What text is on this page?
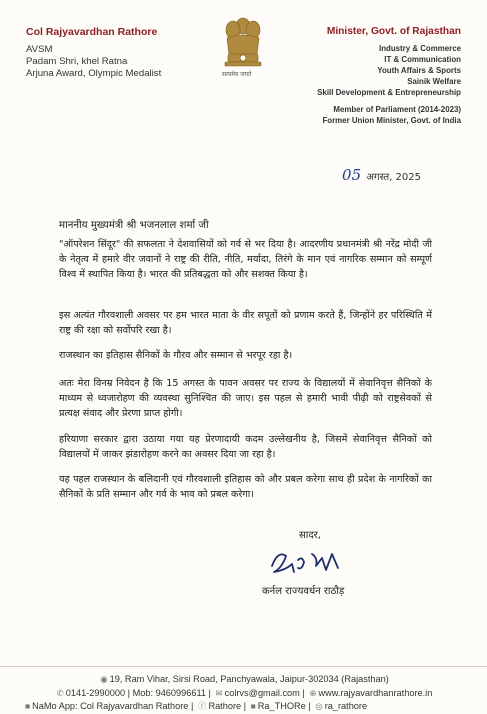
Col Rajyavardhan Rathore
AVSM
Padam Shri, khel Ratna
Arjuna Award, Olympic Medalist	सत्यमेव जयते
Minister, Govt. of Rajasthan
Industry & Commerce
IT & Communication
Youth Affairs & Sports
Sainik Welfare
Skill Development & Entrepreneurship
Member of Parliament (2014-2023)
Former Union Minister, Govt. of India
05 अगस्त, 2025
माननीय मुख्यमंत्री श्री भजनलाल शर्मा जी

"ऑपरेशन सिंदूर" की सफलता ने देशवासियों को गर्व से भर दिया है। आदरणीय प्रधानमंत्री श्री नरेंद्र मोदी जी के नेतृत्व में हमारे वीर जवानों ने राष्ट्र की रीति, नीति, मर्यादा, तिरंगे के मान एवं नागरिक सम्मान को सम्पूर्ण विश्व में स्थापित किया है। भारत की प्रतिबद्धता को और सशक्त किया है।

इस अत्यंत गौरवशाली अवसर पर हम भारत माता के वीर सपूतों को प्रणाम करते हैं, जिन्होंने हर परिस्थिति में राष्ट्र की रक्षा को सर्वोपरि रखा है।

राजस्थान का इतिहास सैनिकों के गौरव और सम्मान से भरपूर रहा है।

अतः मेरा विनम्र निवेदन है कि 15 अगस्त के पावन अवसर पर राज्य के विद्यालयों में सेवानिवृत्त सैनिकों के माध्यम से ध्वजारोहण की व्यवस्था सुनिश्चित की जाए। इस पहल से हमारी भावी पीढ़ी को राष्ट्रसेवकों से प्रत्यक्ष संवाद और प्रेरणा प्राप्त होगी।

हरियाणा सरकार द्वारा उठाया गया यह प्रेरणादायी कदम उल्लेखनीय है, जिसमें सेवानिवृत्त सैनिकों को विद्यालयों में जाकर झंडारोहण करने का अवसर दिया जा रहा है।

यह पहल राजस्थान के बलिदानी एवं गौरवशाली इतिहास को और प्रबल करेगा साथ ही प्रदेश के नागरिकों का सैनिकों के प्रति सम्मान और गर्व के भाव को प्रबल करेगा।

सादर,
कर्नल राज्यवर्धन राठौड़
◉ 19, Ram Vihar, Sirsi Road, Panchyawala, Jaipur-302034 (Rajasthan)
✆ 0141-2990000 | Mob: 9460996611 | ✉ colrvs@gmail.com | ⊕ www.rajyavardhanrathore.in
■ NaMo App: Col Rajyavardhan Rathore | ⓕ Rathore | ■ Ra_THORe | ◎ ra_rathore
